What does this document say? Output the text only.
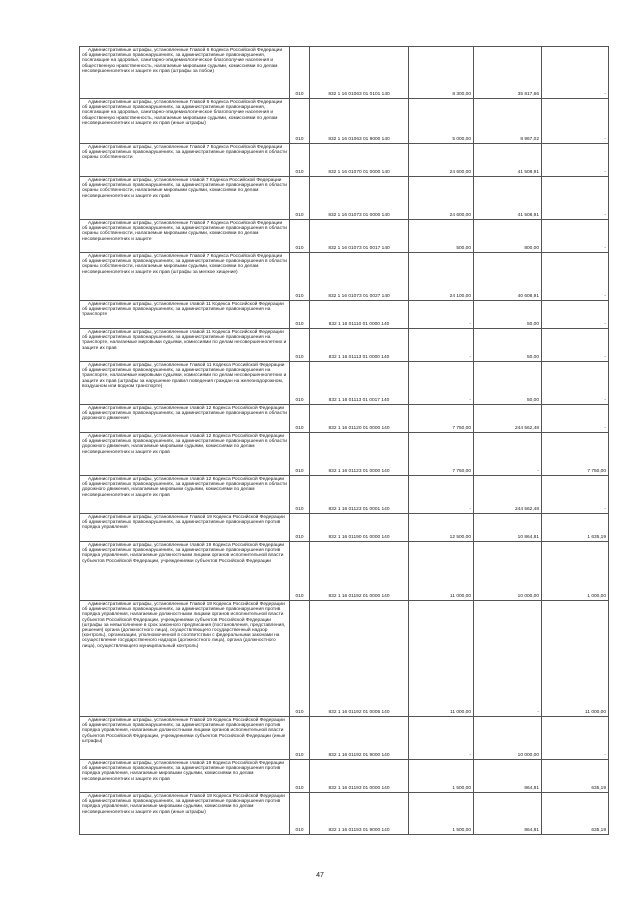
Административные штрафы, установленные Главой 6 Кодекса Российской Федерации об административных правонарушениях, за административные правонарушения, посягающие на здоровье, санитарно-эпидемиологическое благополучие населения и общественную нравственность, налагаемые мировыми судьями, комиссиями по делам несовершеннолетних и защите их прав (штрафы за побои)	010	832 1 16 01063 01 0101 140	8 300,00	35 817,66	-

Административные штрафы, установленные Главой 6 Кодекса Российской Федерации об административных правонарушениях, за административные правонарушения, посягающие на здоровье, санитарно-эпидемиологическое благополучие населения и общественную нравственность, налагаемые мировыми судьями, комиссиями по делам несовершеннолетних и защите их прав (иные штрафы)	010	832 1 16 01063 01 9000 140	5 000,00	8 967,02	-

Административные штрафы, установленные Главой 7 Кодекса Российской Федерации об административных правонарушениях, за административные правонарушения в области охраны собственности	010	832 1 16 01070 01 0000 140	24 600,00	41 508,91	-

Административные штрафы, установленные главой 7 Кодекса Российской Федерации об административных правонарушениях, за административные правонарушения в области охраны собственности, налагаемые мировыми судьями, комиссиями по делам несовершеннолетних и защите их прав	010	832 1 16 01073 01 0000 140	24 600,00	41 508,91	-

Административные штрафы, установленные Главой 7 Кодекса Российской Федерации об административных правонарушениях, за административные правонарушения в области охраны собственности, налагаемые мировыми судьями, комиссиями по делам несовершеннолетних и защите	010	832 1 16 01073 01 0017 140	500,00	800,00	-

Административные штрафы, установленные Главой 7 Кодекса Российской Федерации об административных правонарушениях, за административные правонарушения в области охраны собственности, налагаемые мировыми судьями, комиссиями по делам несовершеннолетних и защите их прав (штрафы за мелкое хищение)	010	832 1 16 01073 01 0027 140	24 100,00	40 608,91	-

Административные штрафы, установленные главой 11 Кодекса Российской Федерации об административных правонарушениях, за административные правонарушения на транспорте	010	832 1 16 01110 01 0000 140	-	50,00	-

Административные штрафы, установленные главой 11 Кодекса Российской Федерации об административных правонарушениях, за административные правонарушения на транспорте, налагаемые мировыми судьями, комиссиями по делам несовершеннолетних и защите их прав	010	832 1 16 01113 01 0000 140	-	50,00	-

Административные штрафы, установленные Главой 11 Кодекса Российской Федерации об административных правонарушениях, за административные правонарушения на транспорте, налагаемые мировыми судьями, комиссиями по делам несовершеннолетних и защите их прав (штрафы за нарушение правил поведения граждан на железнодорожном, воздушном или водном транспорте)	010	832 1 16 01113 01 0017 140	-	50,00	-

Административные штрафы, установленные главой 12 Кодекса Российской Федерации об административных правонарушениях, за административные правонарушения в области дорожного движения	010	832 1 16 01120 01 0000 140	7 750,00	244 562,48	-

Административные штрафы, установленные главой 12 Кодекса Российской Федерации об административных правонарушениях, за административные правонарушения в области дорожного движения, налагаемые мировыми судьями, комиссиями по делам несовершеннолетних и защите их прав	010	832 1 16 01123 01 0000 140	7 750,00	-	7 750,00

Административные штрафы, установленные главой 12 Кодекса Российской Федерации об административных правонарушениях, за административные правонарушения в области дорожного движения, налагаемые мировыми судьями, комиссиями по делам несовершеннолетних и защите их прав	010	832 1 16 01123 01 0001 140	-	244 562,48	-

Административные штрафы, установленные Главой 19 Кодекса Российской Федерации об административных правонарушениях, за административные правонарушения против порядка управления	010	832 1 16 01190 01 0000 140	12 500,00	10 864,81	1 635,19

Административные штрафы, установленные главой 19 Кодекса Российской Федерации об административных правонарушениях, за административные правонарушения против порядка управления, налагаемые должностными лицами органов исполнительной власти субъектов Российской Федерации, учреждениями субъектов Российской Федерации	010	832 1 16 01192 01 0000 140	11 000,00	10 000,00	1 000,00

Административные штрафы, установленные Главой 19 Кодекса Российской Федерации об административных правонарушениях, за административные правонарушения против порядка управления, налагаемые должностными лицами органов исполнительной власти субъектов Российской Федерации, учреждениями субъектов Российской Федерации (штрафы за невыполнение в срок законного предписания (постановления, представления, решения) органа (должностного лица), осуществляющего государственный надзор (контроль), организации, уполномоченной в соответствии с федеральными законами на осуществление государственного надзора (должностного лица), органа (должностного лица), осуществляющего муниципальный контроль)	010	832 1 16 01192 01 0005 140	11 000,00	-	11 000,00

Административные штрафы, установленные Главой 19 Кодекса Российской Федерации об административных правонарушениях, за административные правонарушения против порядка управления, налагаемые должностными лицами органов исполнительной власти субъектов Российской Федерации, учреждениями субъектов Российской Федерации (иные штрафы)	010	832 1 16 01192 01 9000 140	-	10 000,00	-

Административные штрафы, установленные главой 19 Кодекса Российской Федерации об административных правонарушениях, за административные правонарушения против порядка управления, налагаемые мировыми судьями, комиссиями по делам несовершеннолетних и защите их прав	010	832 1 16 01193 01 0000 140	1 500,00	864,81	635,19

Административные штрафы, установленные Главой 19 Кодекса Российской Федерации об административных правонарушениях, за административные правонарушения против порядка управления, налагаемые мировыми судьями, комиссиями по делам несовершеннолетних и защите их прав (иные штрафы)	010	832 1 16 01193 01 9000 140	1 500,00	864,81	635,19
47
